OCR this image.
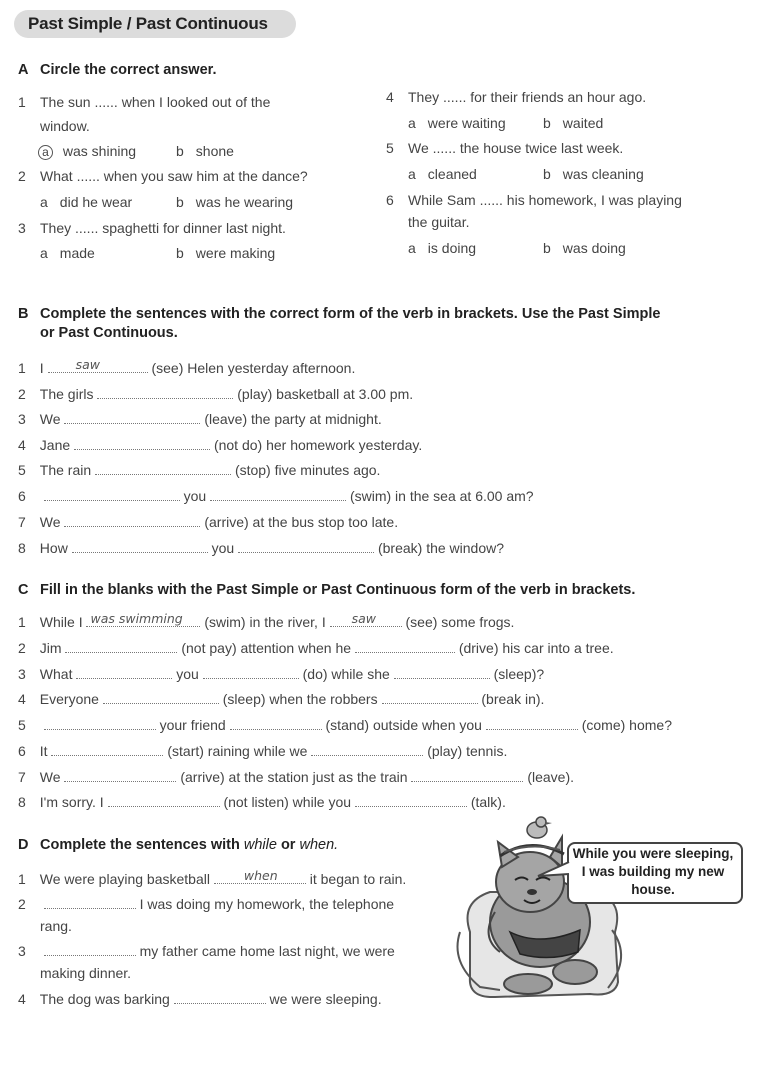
Past Simple / Past Continuous
A Circle the correct answer.
1 The sun ...... when I looked out of the
window.
a was shining	b shone
2 What ...... when you saw him at the dance?
a did he wear	b was he wearing
3 They ...... spaghetti for dinner last night.
a made	b were making
4 They ...... for their friends an hour ago.
a were waiting	b waited
5 We ...... the house twice last week.
a cleaned	b was cleaning
6 While Sam ...... his homework, I was playing
the guitar.
a is doing	b was doing
B Complete the sentences with the correct form of the verb in brackets. Use the Past Simple
or Past Continuous.
1 I	saw	(see) Helen yesterday afternoon.
2 The girls	(play) basketball at 3.00 pm.
3 We	(leave) the party at midnight.
4 Jane	(not do) her homework yesterday.
5 The rain	(stop) five minutes ago.
6	you	(swim) in the sea at 6.00 am?
7 We	(arrive) at the bus stop too late.
8 How	you	(break) the window?
C Fill in the blanks with the Past Simple or Past Continuous form of the verb in brackets.
1 While I was swimming (swim) in the river, I saw (see) some frogs.
2 Jim	(not pay) attention when he	(drive) his car into a tree.
3 What	you	(do) while she	(sleep)?
4 Everyone	(sleep) when the robbers	(break in).
5	your friend	(stand) outside when you	(come) home?
6 It	(start) raining while we	(play) tennis.
7 We	(arrive) at the station just as the train	(leave).
8 I'm sorry. I	(not listen) while you	(talk).
D Complete the sentences with while or when.
1 We were playing basketball	when it began to rain.
2	I was doing my homework, the telephone
rang.
3	my father came home last night, we were
making dinner.
4 The dog was barking	we were sleeping.
While you were sleeping,
I was building my new
house.
